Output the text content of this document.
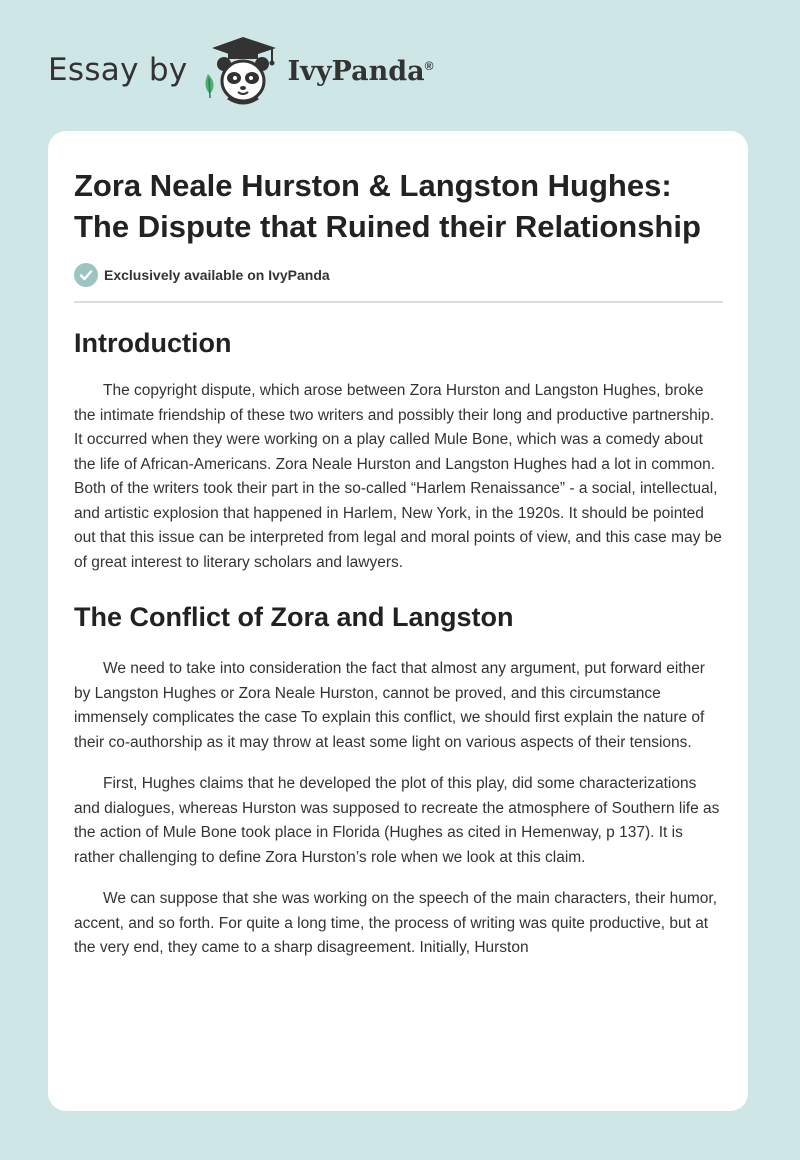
Essay by	IvyPanda®
Zora Neale Hurston & Langston Hughes: The Dispute that Ruined their Relationship
Exclusively available on IvyPanda
Introduction

The copyright dispute, which arose between Zora Hurston and Langston Hughes, broke the intimate friendship of these two writers and possibly their long and productive partnership. It occurred when they were working on a play called Mule Bone, which was a comedy about the life of African-Americans. Zora Neale Hurston and Langston Hughes had a lot in common. Both of the writers took their part in the so-called “Harlem Renaissance” - a social, intellectual, and artistic explosion that happened in Harlem, New York, in the 1920s. It should be pointed out that this issue can be interpreted from legal and moral points of view, and this case may be of great interest to literary scholars and lawyers.

The Conflict of Zora and Langston

We need to take into consideration the fact that almost any argument, put forward either by Langston Hughes or Zora Neale Hurston, cannot be proved, and this circumstance immensely complicates the case To explain this conflict, we should first explain the nature of their co-authorship as it may throw at least some light on various aspects of their tensions.

First, Hughes claims that he developed the plot of this play, did some characterizations and dialogues, whereas Hurston was supposed to recreate the atmosphere of Southern life as the action of Mule Bone took place in Florida (Hughes as cited in Hemenway, p 137). It is rather challenging to define Zora Hurston’s role when we look at this claim.

We can suppose that she was working on the speech of the main characters, their humor, accent, and so forth. For quite a long time, the process of writing was quite productive, but at the very end, they came to a sharp disagreement. Initially, Hurston
